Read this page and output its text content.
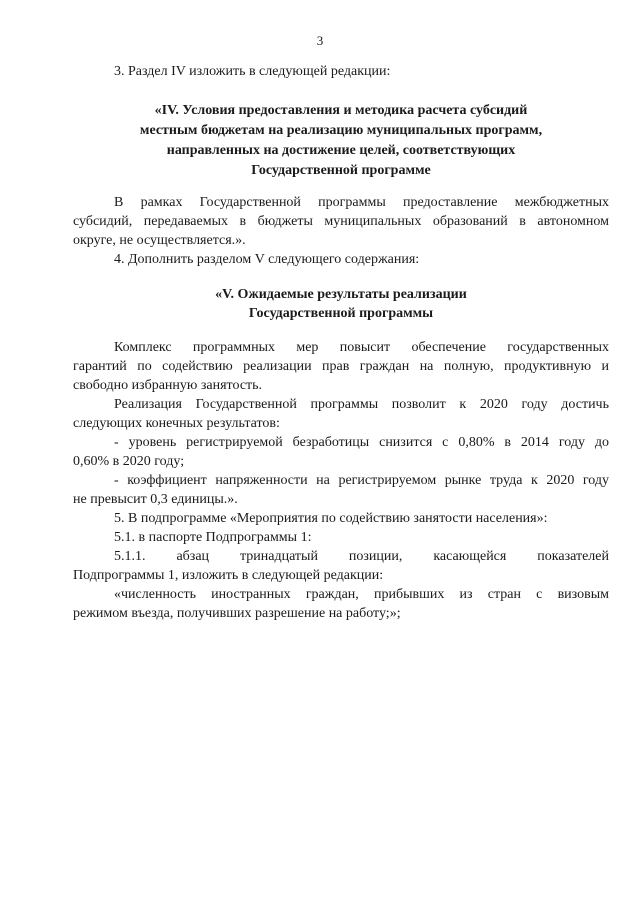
3
3. Раздел IV изложить в следующей редакции:
«IV. Условия предоставления и методика расчета субсидий
местным бюджетам на реализацию муниципальных программ,
направленных на достижение целей, соответствующих
Государственной программе
В рамках Государственной программы предоставление межбюджетных
субсидий, передаваемых в бюджеты муниципальных образований в автономном
округе, не осуществляется.».
4. Дополнить разделом V следующего содержания:
«V. Ожидаемые результаты реализации
Государственной программы
Комплекс программных мер повысит обеспечение государственных
гарантий по содействию реализации прав граждан на полную, продуктивную и
свободно избранную занятость.
Реализация Государственной программы позволит к 2020 году достичь
следующих конечных результатов:
- уровень регистрируемой безработицы снизится с 0,80% в 2014 году до
0,60% в 2020 году;
- коэффициент напряженности на регистрируемом рынке труда к 2020 году
не превысит 0,3 единицы.».
5. В подпрограмме «Мероприятия по содействию занятости населения»:
5.1. в паспорте Подпрограммы 1:
5.1.1. абзац тринадцатый позиции, касающейся показателей
Подпрограммы 1, изложить в следующей редакции:
«численность иностранных граждан, прибывших из стран с визовым
режимом въезда, получивших разрешение на работу;»;
